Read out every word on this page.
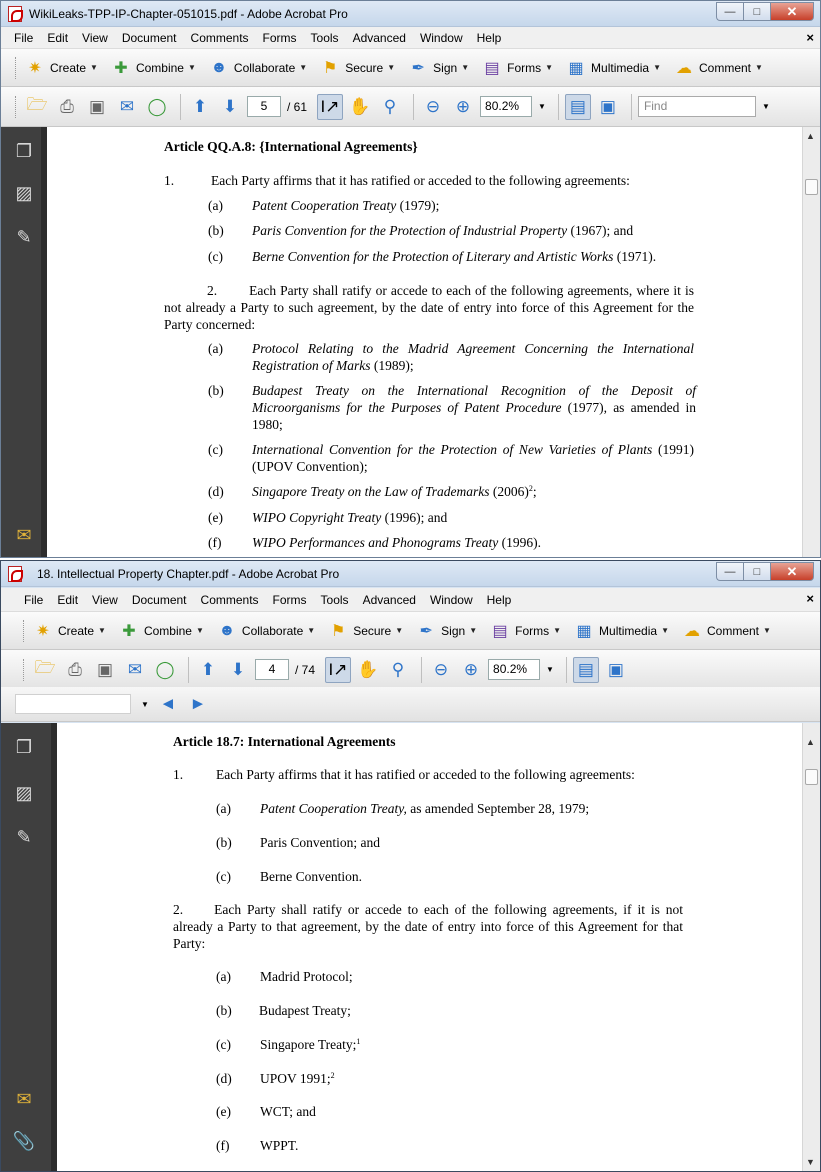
WikiLeaks-TPP-IP-Chapter-051015.pdf - Adobe Acrobat Pro	—	□	✕
File Edit View Document Comments Forms Tools Advanced Window Help	×
✷ Create ▼ ✚ Combine ▼ ☻ Collaborate ▼ ⚑ Secure ▼ ✒ Sign ▼ ▤ Forms ▼ ▦ Multimedia ▼ ☁ Comment ▼
🗁 ⎙ ▣ ✉ ◯	⬆ ⬇	5	/ 61 I↗ ✋ ⚲	⊖ ⊕	80.2%	▼ ▤ ▣	Find	▼
❐
▨
✎
✉
Article QQ.A.8: {International Agreements}
1.	Each Party affirms that it has ratified or acceded to the following agreements:
(a) Patent Cooperation Treaty (1979);
(b) Paris Convention for the Protection of Industrial Property (1967); and
(c) Berne Convention for the Protection of Literary and Artistic Works (1971).
2. Each Party shall ratify or accede to each of the following agreements, where it is not already a Party to such agreement, by the date of entry into force of this Agreement for the Party concerned:
(a) Protocol Relating to the Madrid Agreement Concerning the International Registration of Marks (1989);
(b) Budapest Treaty on the International Recognition of the Deposit of Microorganisms for the Purposes of Patent Procedure (1977), as amended in 1980;
(c) International Convention for the Protection of New Varieties of Plants (1991) (UPOV Convention);
(d) Singapore Treaty on the Law of Trademarks $(2006)^2$;
(e) WIPO Copyright Treaty (1996); and
(f) WIPO Performances and Phonograms Treaty (1996).
▲
18. Intellectual Property Chapter.pdf - Adobe Acrobat Pro	—	□	✕
File Edit View Document Comments Forms Tools Advanced Window Help	×
✷ Create ▼ ✚ Combine ▼ ☻ Collaborate ▼ ⚑ Secure ▼ ✒ Sign ▼ ▤ Forms ▼ ▦ Multimedia ▼ ☁ Comment ▼
🗁 ⎙ ▣ ✉ ◯	⬆ ⬇	4	/ 74 I↗ ✋ ⚲	⊖ ⊕	80.2%	▼ ▤ ▣
▼ ◄ ►
❐
▨
✎
✉
📎
Article 18.7: International Agreements
1. Each Party affirms that it has ratified or acceded to the following agreements:
(a) Patent Cooperation Treaty, as amended September 28, 1979;
(b) Paris Convention; and
(c) Berne Convention.
2. Each Party shall ratify or accede to each of the following agreements, if it is not already a Party to that agreement, by the date of entry into force of this Agreement for that Party:
(a) Madrid Protocol;
(b) Budapest Treaty;
(c) Singapore Treaty;$^1$
(d) UPOV 1991;$^2$
(e) WCT; and
(f) WPPT.
▲
▼
